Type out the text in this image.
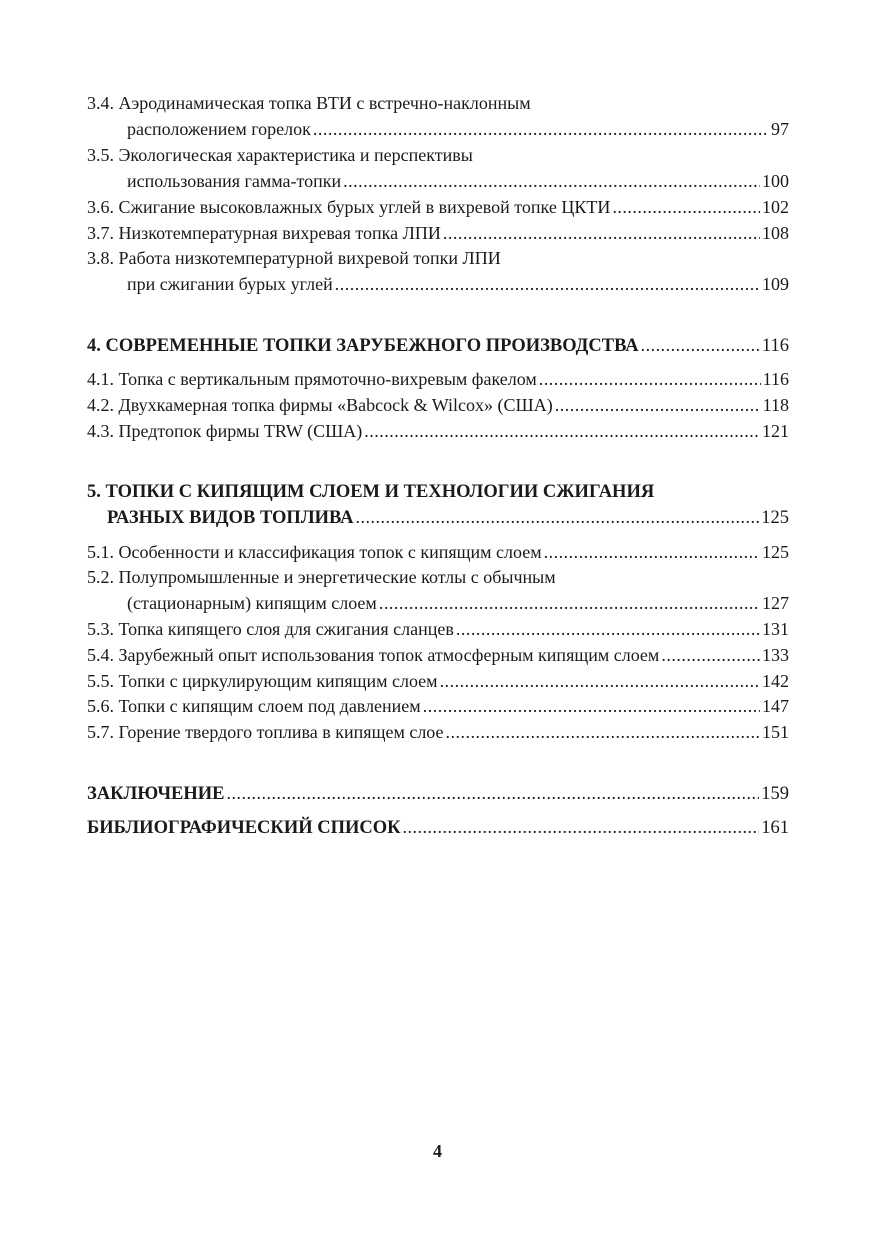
3.4. Аэродинамическая топка ВТИ с встречно-наклонным
расположением горелок .....	97
3.5. Экологическая характеристика и перспективы
использования гамма-топки .....	100
3.6. Сжигание высоковлажных бурых углей в вихревой топке ЦКТИ .....	102
3.7. Низкотемпературная вихревая топка ЛПИ .....	108
3.8. Работа низкотемпературной вихревой топки ЛПИ
при сжигании бурых углей .....	109
4. СОВРЕМЕННЫЕ ТОПКИ ЗАРУБЕЖНОГО ПРОИЗВОДСТВА .....	116
4.1. Топка с вертикальным прямоточно-вихревым факелом .....	116
4.2. Двухкамерная топка фирмы «Babcock & Wilcox» (США) .....	118
4.3. Предтопок фирмы TRW (США) .....	121
5. ТОПКИ С КИПЯЩИМ СЛОЕМ И ТЕХНОЛОГИИ СЖИГАНИЯ
РАЗНЫХ ВИДОВ ТОПЛИВА .....	125
5.1. Особенности и классификация топок с кипящим слоем .....	125
5.2. Полупромышленные и энергетические котлы с обычным
(стационарным) кипящим слоем .....	127
5.3. Топка кипящего слоя для сжигания сланцев .....	131
5.4. Зарубежный опыт использования топок атмосферным кипящим слоем .....	133
5.5. Топки с циркулирующим кипящим слоем .....	142
5.6. Топки с кипящим слоем под давлением .....	147
5.7. Горение твердого топлива в кипящем слое .....	151
ЗАКЛЮЧЕНИЕ .....	159
БИБЛИОГРАФИЧЕСКИЙ СПИСОК .....	161
4
